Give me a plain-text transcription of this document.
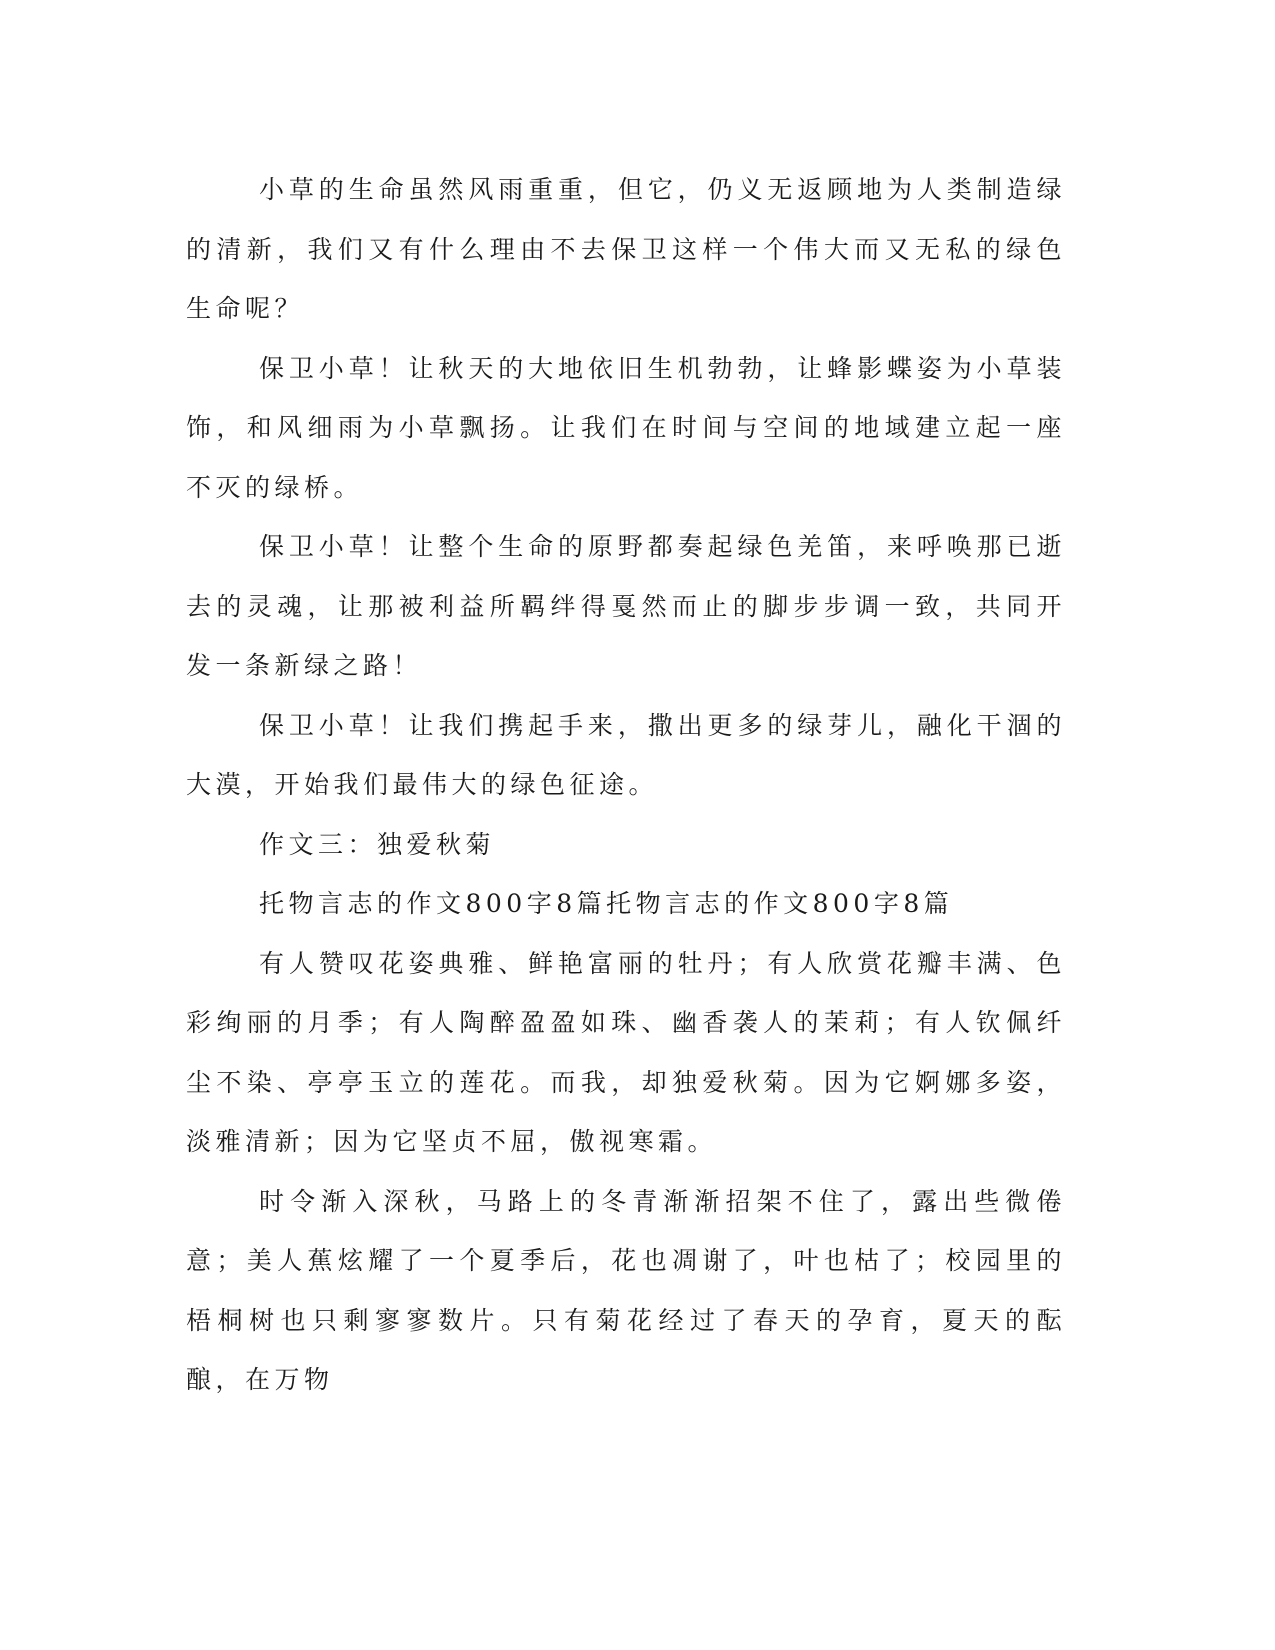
小草的生命虽然风雨重重，但它，仍义无返顾地为人类制造绿的清新，我们又有什么理由不去保卫这样一个伟大而又无私的绿色生命呢？

保卫小草！让秋天的大地依旧生机勃勃，让蜂影蝶姿为小草装饰，和风细雨为小草飘扬。让我们在时间与空间的地域建立起一座不灭的绿桥。

保卫小草！让整个生命的原野都奏起绿色羌笛，来呼唤那已逝去的灵魂，让那被利益所羁绊得戛然而止的脚步步调一致，共同开发一条新绿之路！

保卫小草！让我们携起手来，撒出更多的绿芽儿，融化干涸的大漠，开始我们最伟大的绿色征途。

作文三：独爱秋菊

托物言志的作文800字8篇托物言志的作文800字8篇

有人赞叹花姿典雅、鲜艳富丽的牡丹；有人欣赏花瓣丰满、色彩绚丽的月季；有人陶醉盈盈如珠、幽香袭人的茉莉；有人钦佩纤尘不染、亭亭玉立的莲花。而我，却独爱秋菊。因为它婀娜多姿，淡雅清新；因为它坚贞不屈，傲视寒霜。

时令渐入深秋，马路上的冬青渐渐招架不住了，露出些微倦意；美人蕉炫耀了一个夏季后，花也凋谢了，叶也枯了；校园里的梧桐树也只剩寥寥数片。只有菊花经过了春天的孕育，夏天的酝酿，在万物
